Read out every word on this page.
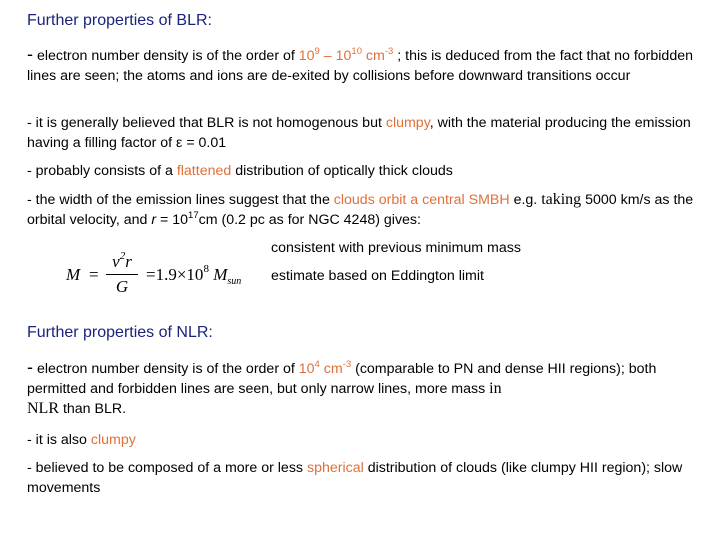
Further properties of BLR:
- electron number density is of the order of $10^9 - 10^{10}$ $cm^{-3}$ ; this is deduced from the fact that no forbidden lines are seen; the atoms and ions are de-exited by collisions before downward transitions occur
- it is generally believed that BLR is not homogenous but clumpy, with the material producing the emission having a filling factor of ε = 0.01
- probably consists of a flattened distribution of optically thick clouds
- the width of the emission lines suggest that the clouds orbit a central SMBH e.g. taking 5000 km/s as the orbital velocity, and $r = 10^{17}cm$ (0.2 pc as for NGC 4248) gives:
M =
$v^2r$
G
$=1.9\times 10^8$ $M_{sun}$
consistent with previous minimum mass
estimate based on Eddington limit
Further properties of NLR:
- electron number density is of the order of $10^4$ $cm^{-3}$ (comparable to PN and dense HII regions); both permitted and forbidden lines are seen, but only narrow lines, more mass in
NLR than BLR.
- it is also clumpy
- believed to be composed of a more or less spherical distribution of clouds (like clumpy HII region); slow movements
